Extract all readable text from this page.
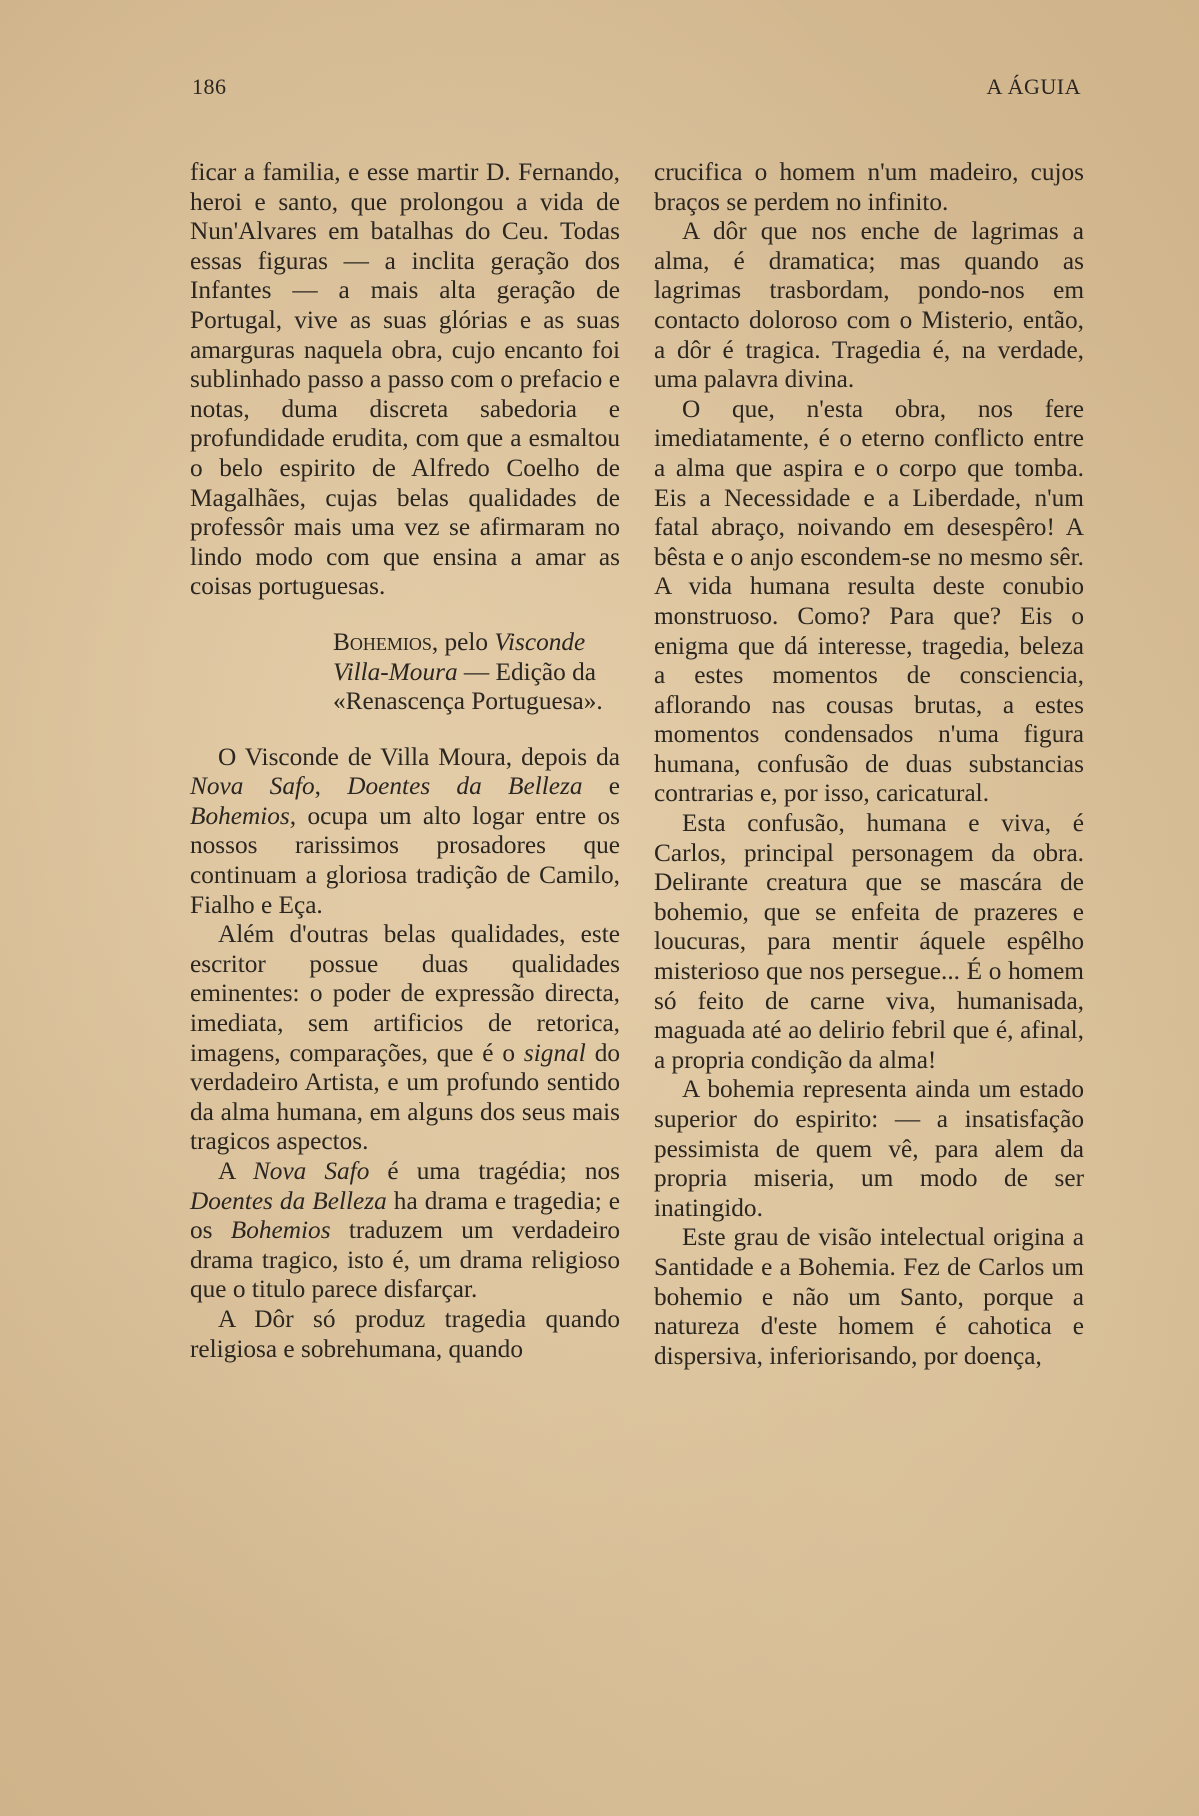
186	A ÁGUIA

ficar a familia, e esse martir D. Fernando, heroi e santo, que prolongou a vida de Nun'Alvares em batalhas do Ceu. Todas essas figuras — a inclita geração dos Infantes — a mais alta geração de Portugal, vive as suas glórias e as suas amarguras naquela obra, cujo encanto foi sublinhado passo a passo com o prefacio e notas, duma discreta sabedoria e profundidade erudita, com que a esmaltou o belo espirito de Alfredo Coelho de Magalhães, cujas belas qualidades de professôr mais uma vez se afirmaram no lindo modo com que ensina a amar as coisas portuguesas.

Bohemios, pelo Visconde Villa-Moura — Edição da «Renascença Portuguesa».

O Visconde de Villa Moura, depois da Nova Safo, Doentes da Belleza e Bohemios, ocupa um alto logar entre os nossos rarissimos prosadores que continuam a gloriosa tradição de Camilo, Fialho e Eça.

Além d'outras belas qualidades, este escritor possue duas qualidades eminentes: o poder de expressão directa, imediata, sem artificios de retorica, imagens, comparações, que é o signal do verdadeiro Artista, e um profundo sentido da alma humana, em alguns dos seus mais tragicos aspectos.

A Nova Safo é uma tragédia; nos Doentes da Belleza ha drama e tragedia; e os Bohemios traduzem um verdadeiro drama tragico, isto é, um drama religioso que o titulo parece disfarçar.

A Dôr só produz tragedia quando religiosa e sobrehumana, quando

crucifica o homem n'um madeiro, cujos braços se perdem no infinito.

A dôr que nos enche de lagrimas a alma, é dramatica; mas quando as lagrimas trasbordam, pondo-nos em contacto doloroso com o Misterio, então, a dôr é tragica. Tragedia é, na verdade, uma palavra divina.

O que, n'esta obra, nos fere imediatamente, é o eterno conflicto entre a alma que aspira e o corpo que tomba. Eis a Necessidade e a Liberdade, n'um fatal abraço, noivando em desespêro! A bêsta e o anjo escondem-se no mesmo sêr. A vida humana resulta deste conubio monstruoso. Como? Para que? Eis o enigma que dá interesse, tragedia, beleza a estes momentos de consciencia, aflorando nas cousas brutas, a estes momentos condensados n'uma figura humana, confusão de duas substancias contrarias e, por isso, caricatural.

Esta confusão, humana e viva, é Carlos, principal personagem da obra. Delirante creatura que se mascára de bohemio, que se enfeita de prazeres e loucuras, para mentir áquele espêlho misterioso que nos persegue... É o homem só feito de carne viva, humanisada, maguada até ao delirio febril que é, afinal, a propria condição da alma!

A bohemia representa ainda um estado superior do espirito: — a insatisfação pessimista de quem vê, para alem da propria miseria, um modo de ser inatingido.

Este grau de visão intelectual origina a Santidade e a Bohemia. Fez de Carlos um bohemio e não um Santo, porque a natureza d'este homem é cahotica e dispersiva, inferiorisando, por doença,
